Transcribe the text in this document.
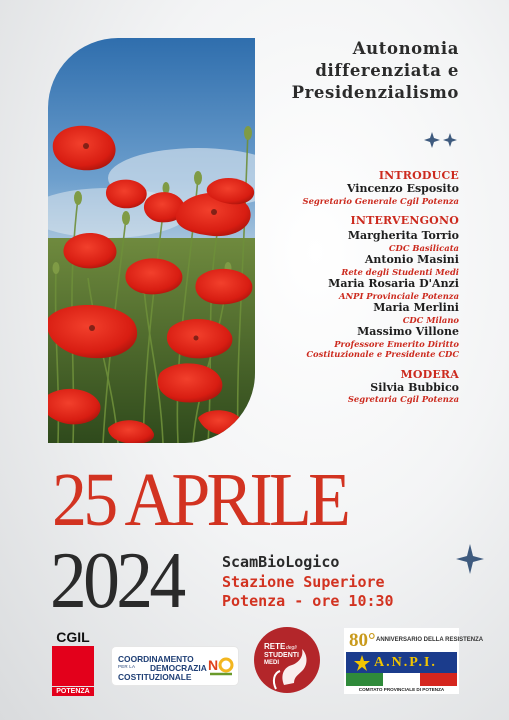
Autonomia
differenziata e
Presidenzialismo
INTRODUCE
Vincenzo Esposito
Segretario Generale Cgil Potenza
INTERVENGONO
Margherita Torrio
CDC Basilicata
Antonio Masini
Rete degli Studenti Medi
Maria Rosaria D'Anzi
ANPI Provinciale Potenza
Maria Merlini
CDC Milano
Massimo Villone
Professore Emerito Diritto
Costituzionale e Presidente CDC
MODERA
Silvia Bubbico
Segretaria Cgil Potenza
25 APRILE
2024	ScamBioLogico
Stazione Superiore
Potenza - ore 10:30
CGIL
POTENZA
COORDINAMENTO
PER LA DEMOCRAZIA
COSTITUZIONALE
N
RETE degli
STUDENTI
MEDI
80° ANNIVERSARIO DELLA RESISTENZA
A.N.P.I.
COMITATO PROVINCIALE DI POTENZA
